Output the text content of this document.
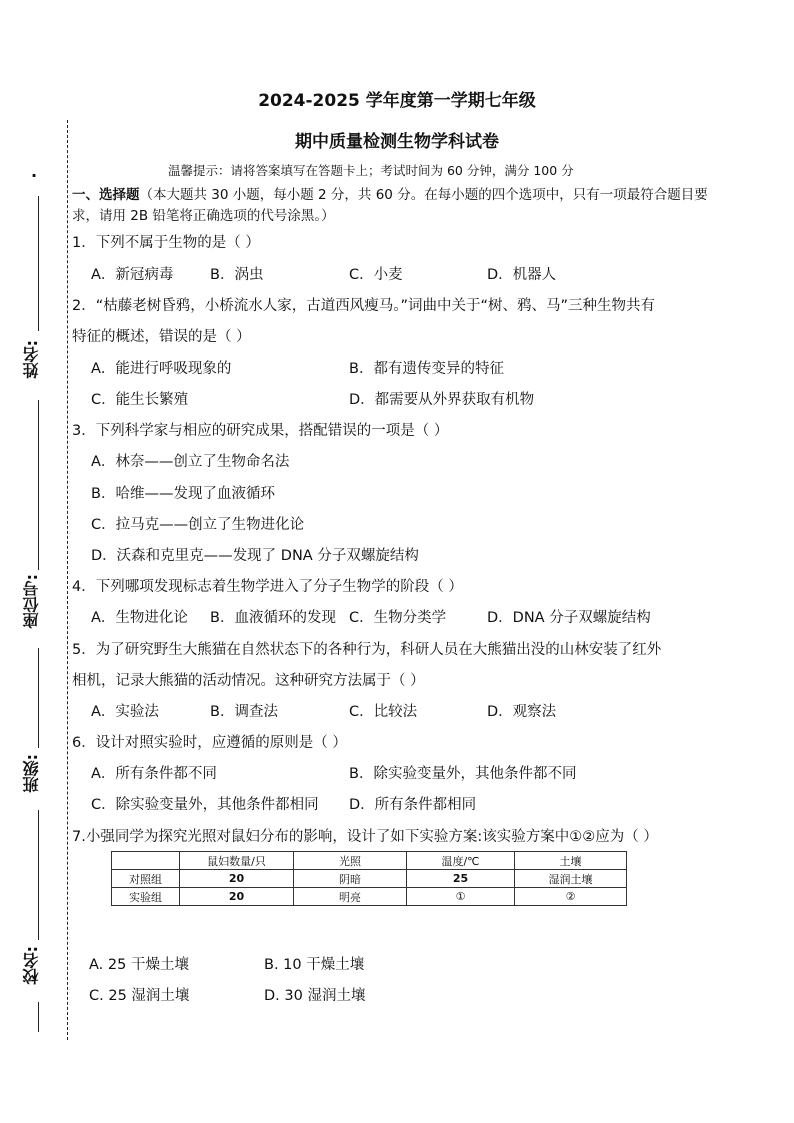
2024-2025 学年度第一学期七年级
期中质量检测生物学科试卷
温馨提示：请将答案填写在答题卡上；考试时间为 60 分钟，满分 100 分
·
姓名:
座位号:
班级:
校名:
一、选择题（本大题共 30 小题，每小题 2 分，共 60 分。在每小题的四个选项中，只有一项最符合题目要
求，请用 2B 铅笔将正确选项的代号涂黑。）
1．下列不属于生物的是（ ）
A．新冠病毒	B．涡虫	C．小麦	D．机器人
2．“枯藤老树昏鸦，小桥流水人家，古道西风瘦马。”词曲中关于“树、鸦、马”三种生物共有
特征的概述，错误的是（ ）
A．能进行呼吸现象的	B．都有遗传变异的特征
C．能生长繁殖	D．都需要从外界获取有机物
3．下列科学家与相应的研究成果，搭配错误的一项是（ ）
A．林奈——创立了生物命名法
B．哈维——发现了血液循环
C．拉马克——创立了生物进化论
D．沃森和克里克——发现了 DNA 分子双螺旋结构
4．下列哪项发现标志着生物学进入了分子生物学的阶段（ ）
A．生物进化论 B．血液循环的发现 C．生物分类学	D．DNA 分子双螺旋结构
5．为了研究野生大熊猫在自然状态下的各种行为，科研人员在大熊猫出没的山林安装了红外
相机，记录大熊猫的活动情况。这种研究方法属于（ ）
A．实验法	B．调查法	C．比较法	D．观察法
6．设计对照实验时，应遵循的原则是（ ）
A．所有条件都不同	B．除实验变量外，其他条件都不同
C．除实验变量外，其他条件都相同 D．所有条件都相同
7.小强同学为探究光照对鼠妇分布的影响，设计了如下实验方案:该实验方案中①②应为（ ）
	鼠妇数量/只	光照	温度/℃	土壤
对照组	20	阴暗	25	湿润土壤
实验组	20	明亮	①	②
A. 25 干燥土壤	B. 10 干燥土壤
C. 25 湿润土壤	D. 30 湿润土壤
